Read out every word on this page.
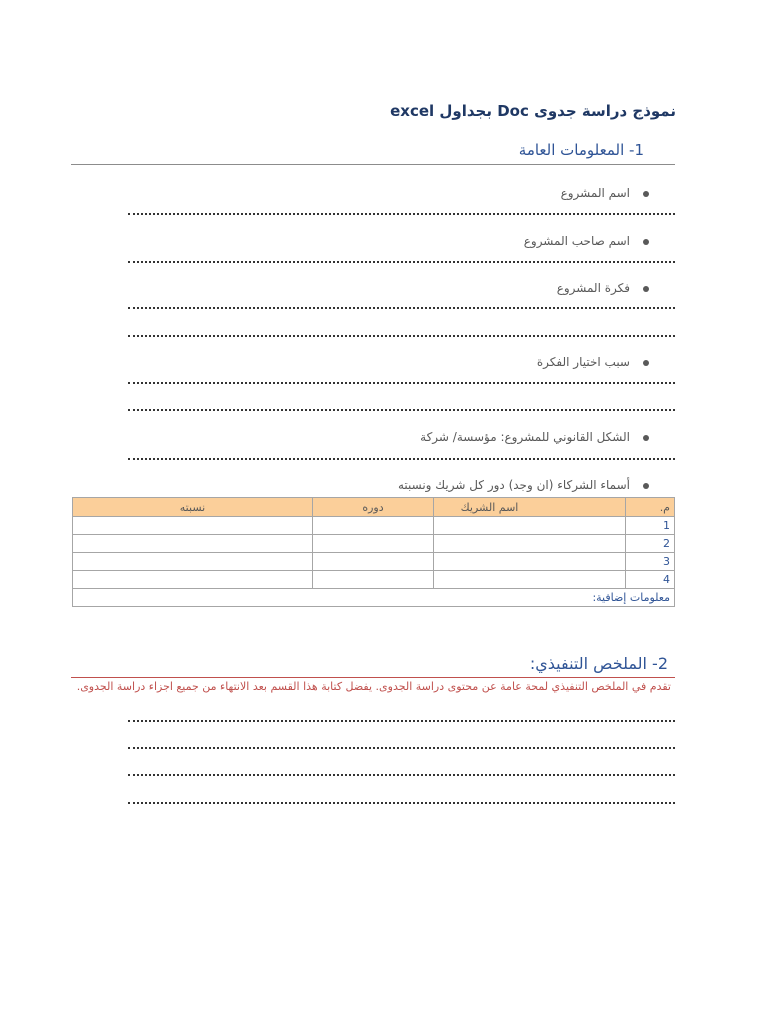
نموذج دراسة جدوى Doc بجداول excel
1- المعلومات العامة
اسم المشروع
اسم صاحب المشروع
فكرة المشروع
سبب اختيار الفكرة
الشكل القانوني للمشروع: مؤسسة/ شركة
أسماء الشركاء (ان وجد) دور كل شريك ونسبته
م.	اسم الشريك	دوره	نسبته
1			
2			
3			
4			
معلومات إضافية:			
2- الملخص التنفيذي:
تقدم في الملخص التنفيذي لمحة عامة عن محتوى دراسة الجدوى. يفضل كتابة هذا القسم بعد الانتهاء من جميع اجزاء دراسة الجدوى.
